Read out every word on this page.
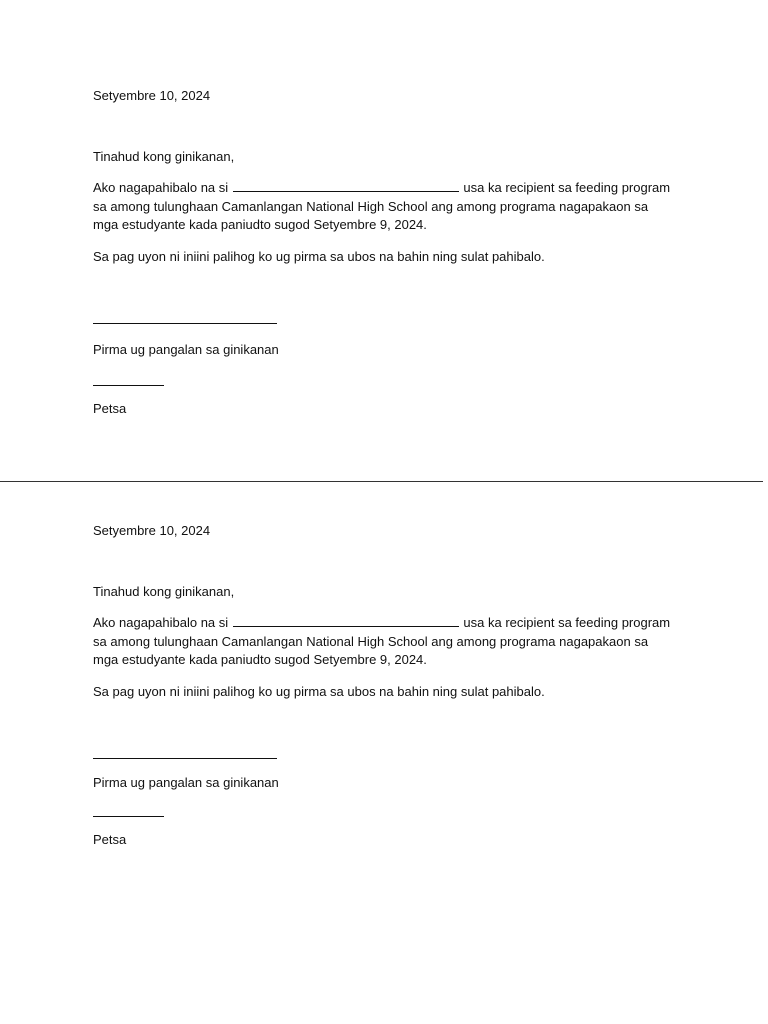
Setyembre 10, 2024
Tinahud kong ginikanan,
Ako nagapahibalo na si	usa ka recipient sa feeding program sa among tulunghaan Camanlangan National High School ang among programa nagapakaon sa mga estudyante kada paniudto sugod Setyembre 9, 2024.
Sa pag uyon ni iniini palihog ko ug pirma sa ubos na bahin ning sulat pahibalo.
Pirma ug pangalan sa ginikanan
Petsa
Setyembre 10, 2024
Tinahud kong ginikanan,
Ako nagapahibalo na si	usa ka recipient sa feeding program sa among tulunghaan Camanlangan National High School ang among programa nagapakaon sa mga estudyante kada paniudto sugod Setyembre 9, 2024.
Sa pag uyon ni iniini palihog ko ug pirma sa ubos na bahin ning sulat pahibalo.
Pirma ug pangalan sa ginikanan
Petsa
